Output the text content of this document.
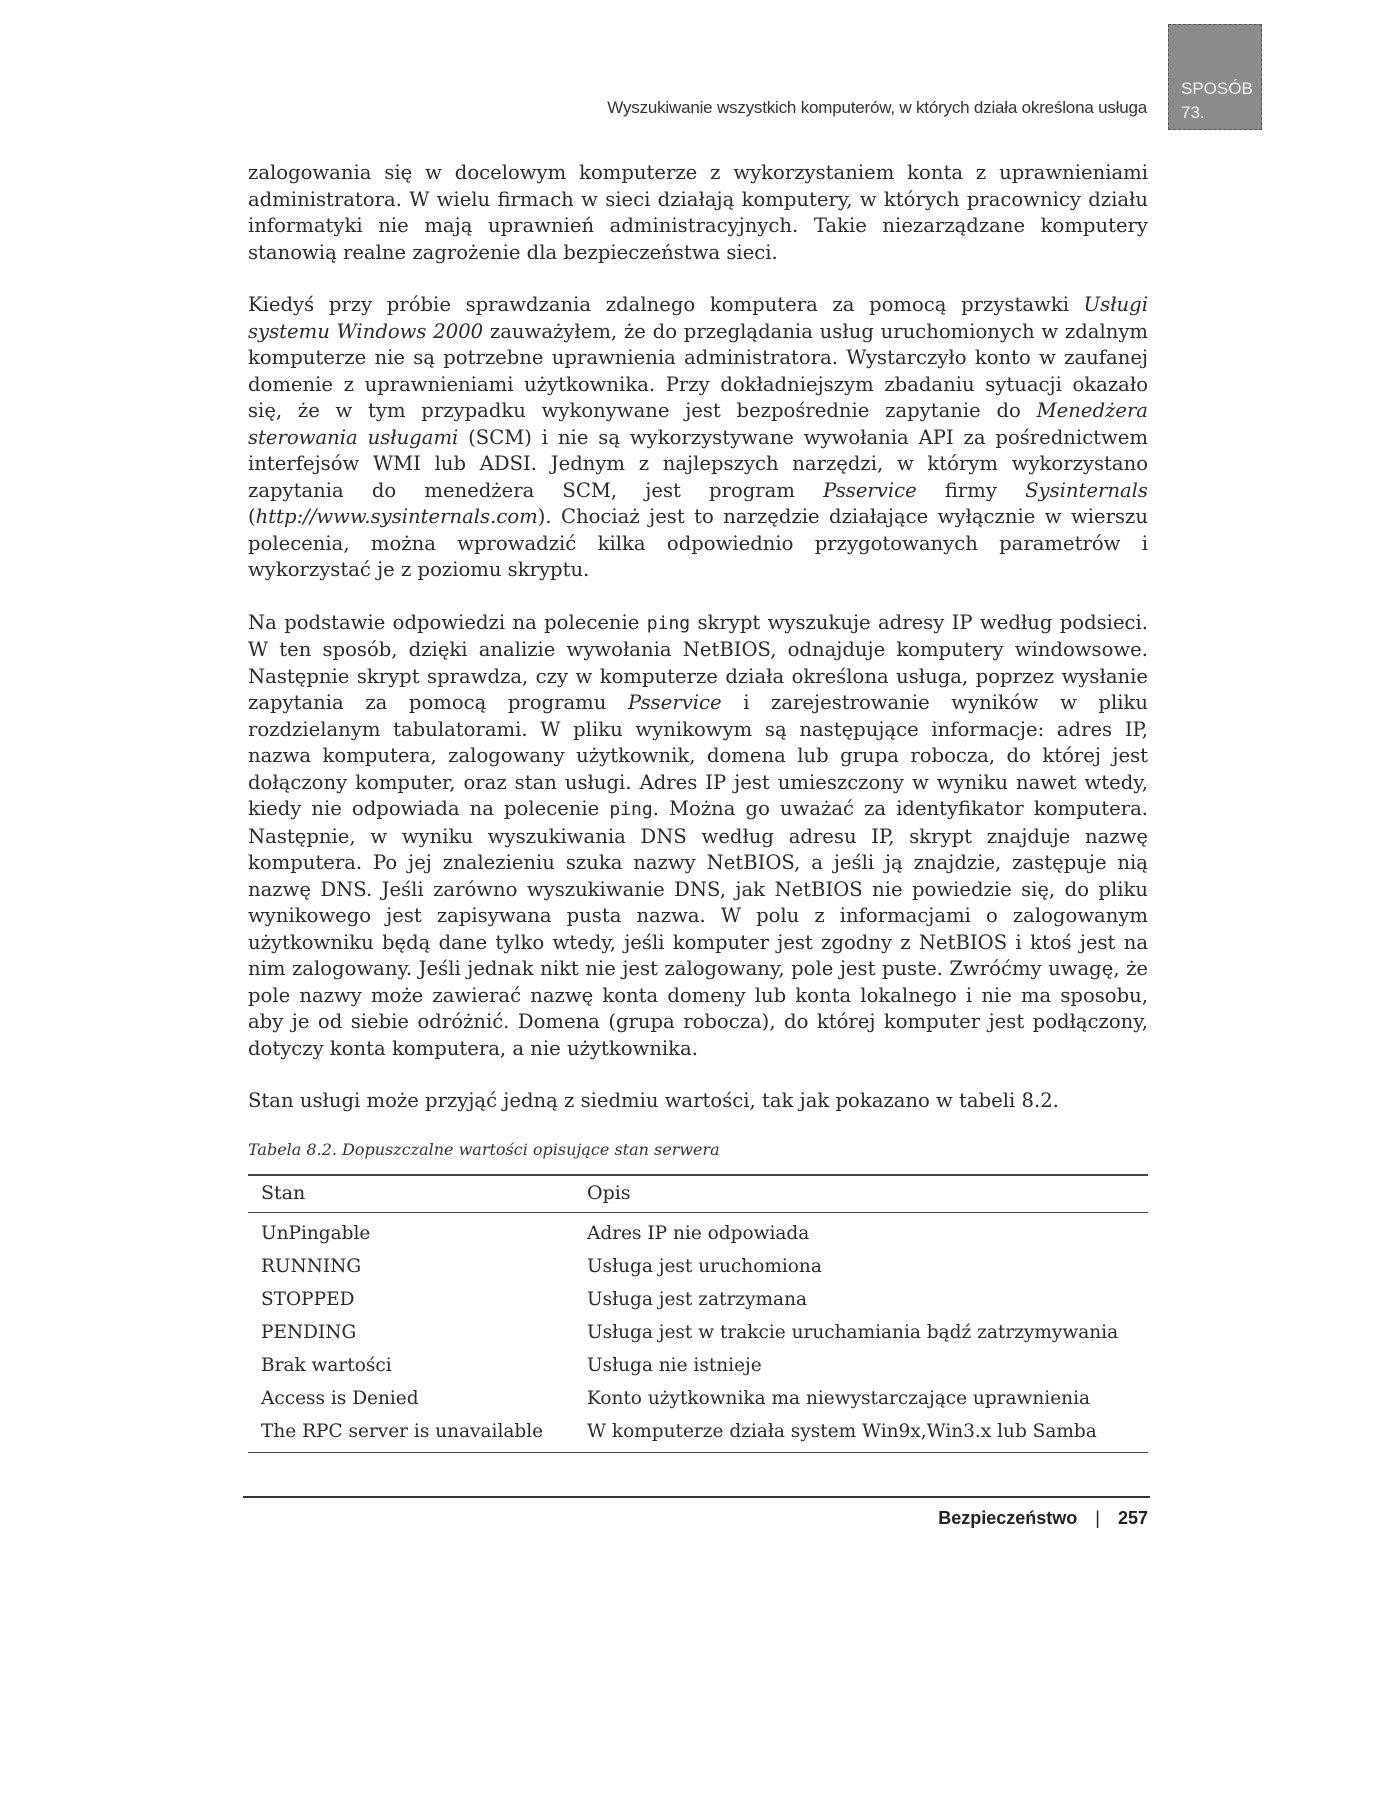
Wyszukiwanie wszystkich komputerów, w których działa określona usługa
SPOSÓB
73.

zalogowania się w docelowym komputerze z wykorzystaniem konta z uprawnieniami administratora. W wielu firmach w sieci działają komputery, w których pracownicy działu informatyki nie mają uprawnień administracyjnych. Takie niezarządzane komputery stanowią realne zagrożenie dla bezpieczeństwa sieci.

Kiedyś przy próbie sprawdzania zdalnego komputera za pomocą przystawki Usługi systemu Windows 2000 zauważyłem, że do przeglądania usług uruchomionych w zdalnym komputerze nie są potrzebne uprawnienia administratora. Wystarczyło konto w zaufanej domenie z uprawnieniami użytkownika. Przy dokładniejszym zbadaniu sytuacji okazało się, że w tym przypadku wykonywane jest bezpośrednie zapytanie do Menedżera sterowania usługami (SCM) i nie są wykorzystywane wywołania API za pośrednictwem interfejsów WMI lub ADSI. Jednym z najlepszych narzędzi, w którym wykorzystano zapytania do menedżera SCM, jest program Psservice firmy Sysinternals (http://www.sysinternals.com). Chociaż jest to narzędzie działające wyłącznie w wierszu polecenia, można wprowadzić kilka odpowiednio przygotowanych parametrów i wykorzystać je z poziomu skryptu.

Na podstawie odpowiedzi na polecenie ping skrypt wyszukuje adresy IP według podsieci. W ten sposób, dzięki analizie wywołania NetBIOS, odnajduje komputery windowsowe. Następnie skrypt sprawdza, czy w komputerze działa określona usługa, poprzez wysłanie zapytania za pomocą programu Psservice i zarejestrowanie wyników w pliku rozdzielanym tabulatorami. W pliku wynikowym są następujące informacje: adres IP, nazwa komputera, zalogowany użytkownik, domena lub grupa robocza, do której jest dołączony komputer, oraz stan usługi. Adres IP jest umieszczony w wyniku nawet wtedy, kiedy nie odpowiada na polecenie ping. Można go uważać za identyfikator komputera. Następnie, w wyniku wyszukiwania DNS według adresu IP, skrypt znajduje nazwę komputera. Po jej znalezieniu szuka nazwy NetBIOS, a jeśli ją znajdzie, zastępuje nią nazwę DNS. Jeśli zarówno wyszukiwanie DNS, jak NetBIOS nie powiedzie się, do pliku wynikowego jest zapisywana pusta nazwa. W polu z informacjami o zalogowanym użytkowniku będą dane tylko wtedy, jeśli komputer jest zgodny z NetBIOS i ktoś jest na nim zalogowany. Jeśli jednak nikt nie jest zalogowany, pole jest puste. Zwróćmy uwagę, że pole nazwy może zawierać nazwę konta domeny lub konta lokalnego i nie ma sposobu, aby je od siebie odróżnić. Domena (grupa robocza), do której komputer jest podłączony, dotyczy konta komputera, a nie użytkownika.

Stan usługi może przyjąć jedną z siedmiu wartości, tak jak pokazano w tabeli 8.2.

Tabela 8.2. Dopuszczalne wartości opisujące stan serwera
Stan	Opis
UnPingable	Adres IP nie odpowiada
RUNNING	Usługa jest uruchomiona
STOPPED	Usługa jest zatrzymana
PENDING	Usługa jest w trakcie uruchamiania bądź zatrzymywania
Brak wartości	Usługa nie istnieje
Access is Denied	Konto użytkownika ma niewystarczające uprawnienia
The RPC server is unavailable	W komputerze działa system Win9x,Win3.x lub Samba
Bezpieczeństwo | 257
